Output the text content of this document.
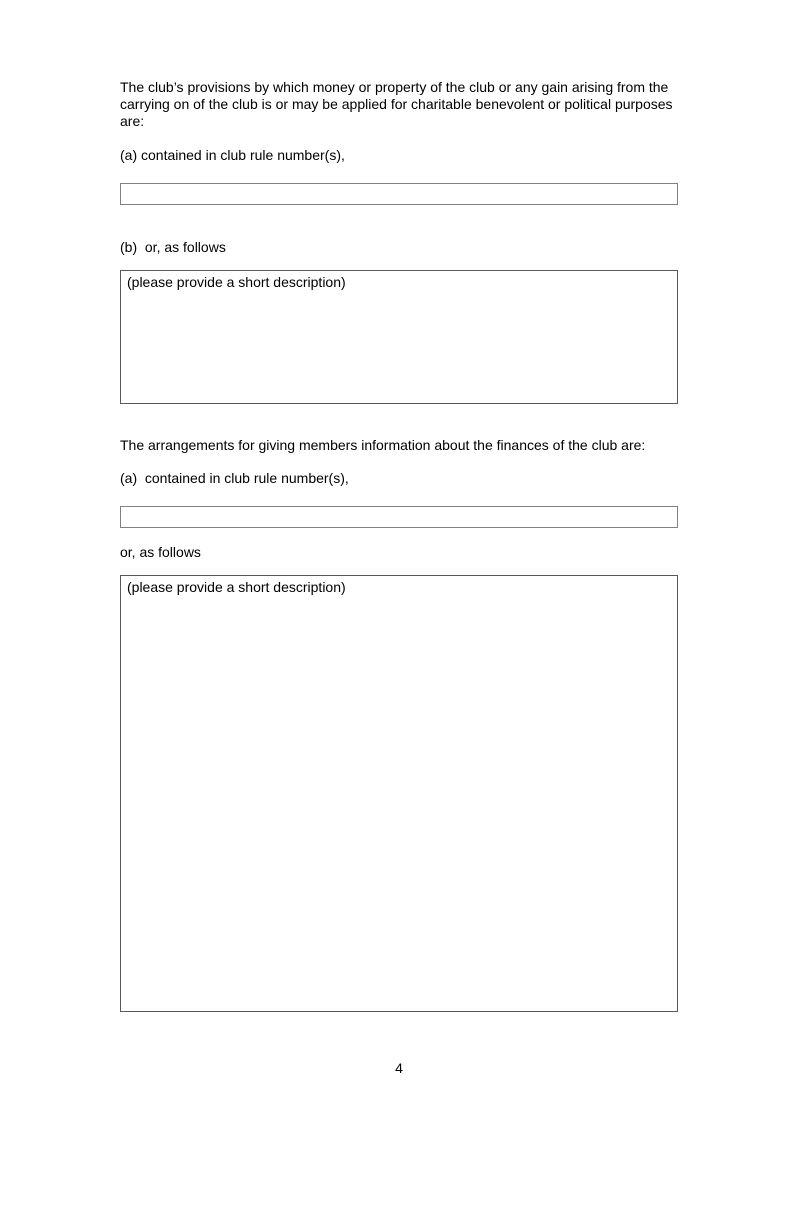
The club’s provisions by which money or property of the club or any gain arising from the carrying on of the club is or may be applied for charitable benevolent or political purposes are:

(a) contained in club rule number(s),

(b)  or, as follows

(please provide a short description)

The arrangements for giving members information about the finances of the club are:

(a)  contained in club rule number(s),

or, as follows

(please provide a short description)
4
